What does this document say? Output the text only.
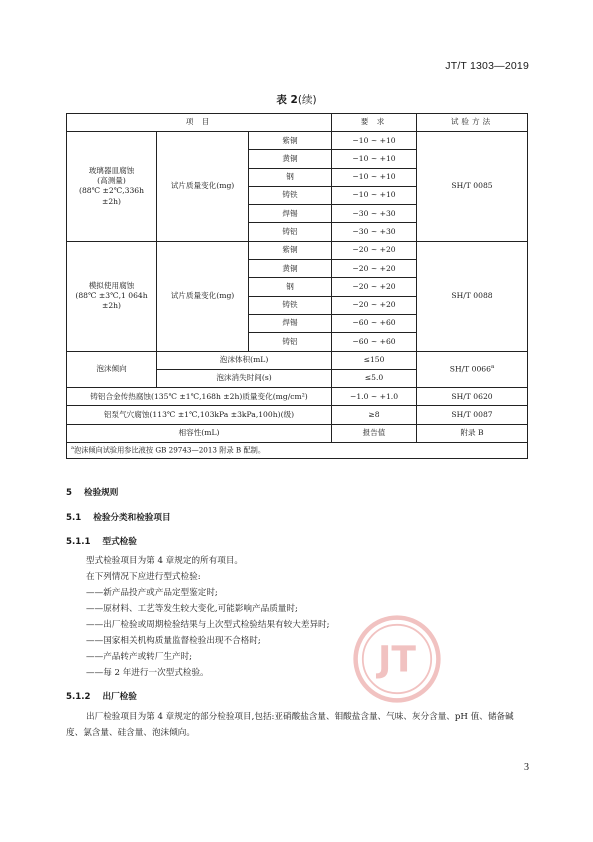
JT/T 1303—2019
表 2(续)
项 目			要 求	试验方法

玻璃器皿腐蚀
(高测量)
(88℃ ±2℃,336h ±2h)	试片质量变化(mg)	紫铜	−10 ~ +10	SH/T 0085
		黄铜	−10 ~ +10	
		钢	−10 ~ +10	
		铸铁	−10 ~ +10	
		焊锡	−30 ~ +30	
		铸铝	−30 ~ +30	

模拟使用腐蚀
(88℃ ±3℃,1 064h ±2h)	试片质量变化(mg)	紫铜	−20 ~ +20	SH/T 0088
		黄铜	−20 ~ +20	
		钢	−20 ~ +20	
		铸铁	−20 ~ +20	
		焊锡	−60 ~ +60	
		铸铝	−60 ~ +60	
泡沫倾向	泡沫体积(mL)		≤150	SH/T 0066$^a$
	泡沫消失时间(s)		≤5.0	
铸铝合金传热腐蚀(135℃ ±1℃,168h ±2h)质量变化(mg/cm²)			−1.0 ~ +1.0	SH/T 0620
铝泵气穴腐蚀(113℃ ±1℃,103kPa ±3kPa,100h)(级)			≥8	SH/T 0087
相容性(mL)			报告值	附录 B
$^a$泡沫倾向试验用参比液按 GB 29743—2013 附录 B 配制。				
5 检验规则
5.1 检验分类和检验项目
5.1.1 型式检验
型式检验项目为第 4 章规定的所有项目。
在下列情况下应进行型式检验:
——新产品投产或产品定型鉴定时;
——原材料、工艺等发生较大变化,可能影响产品质量时;
——出厂检验或周期检验结果与上次型式检验结果有较大差异时;
——国家相关机构质量监督检验出现不合格时;
——产品转产或转厂生产时;
——每 2 年进行一次型式检验。
5.1.2 出厂检验
出厂检验项目为第 4 章规定的部分检验项目,包括:亚硝酸盐含量、钼酸盐含量、气味、灰分含量、pH 值、储备碱度、氯含量、硅含量、泡沫倾向。
JT
3
